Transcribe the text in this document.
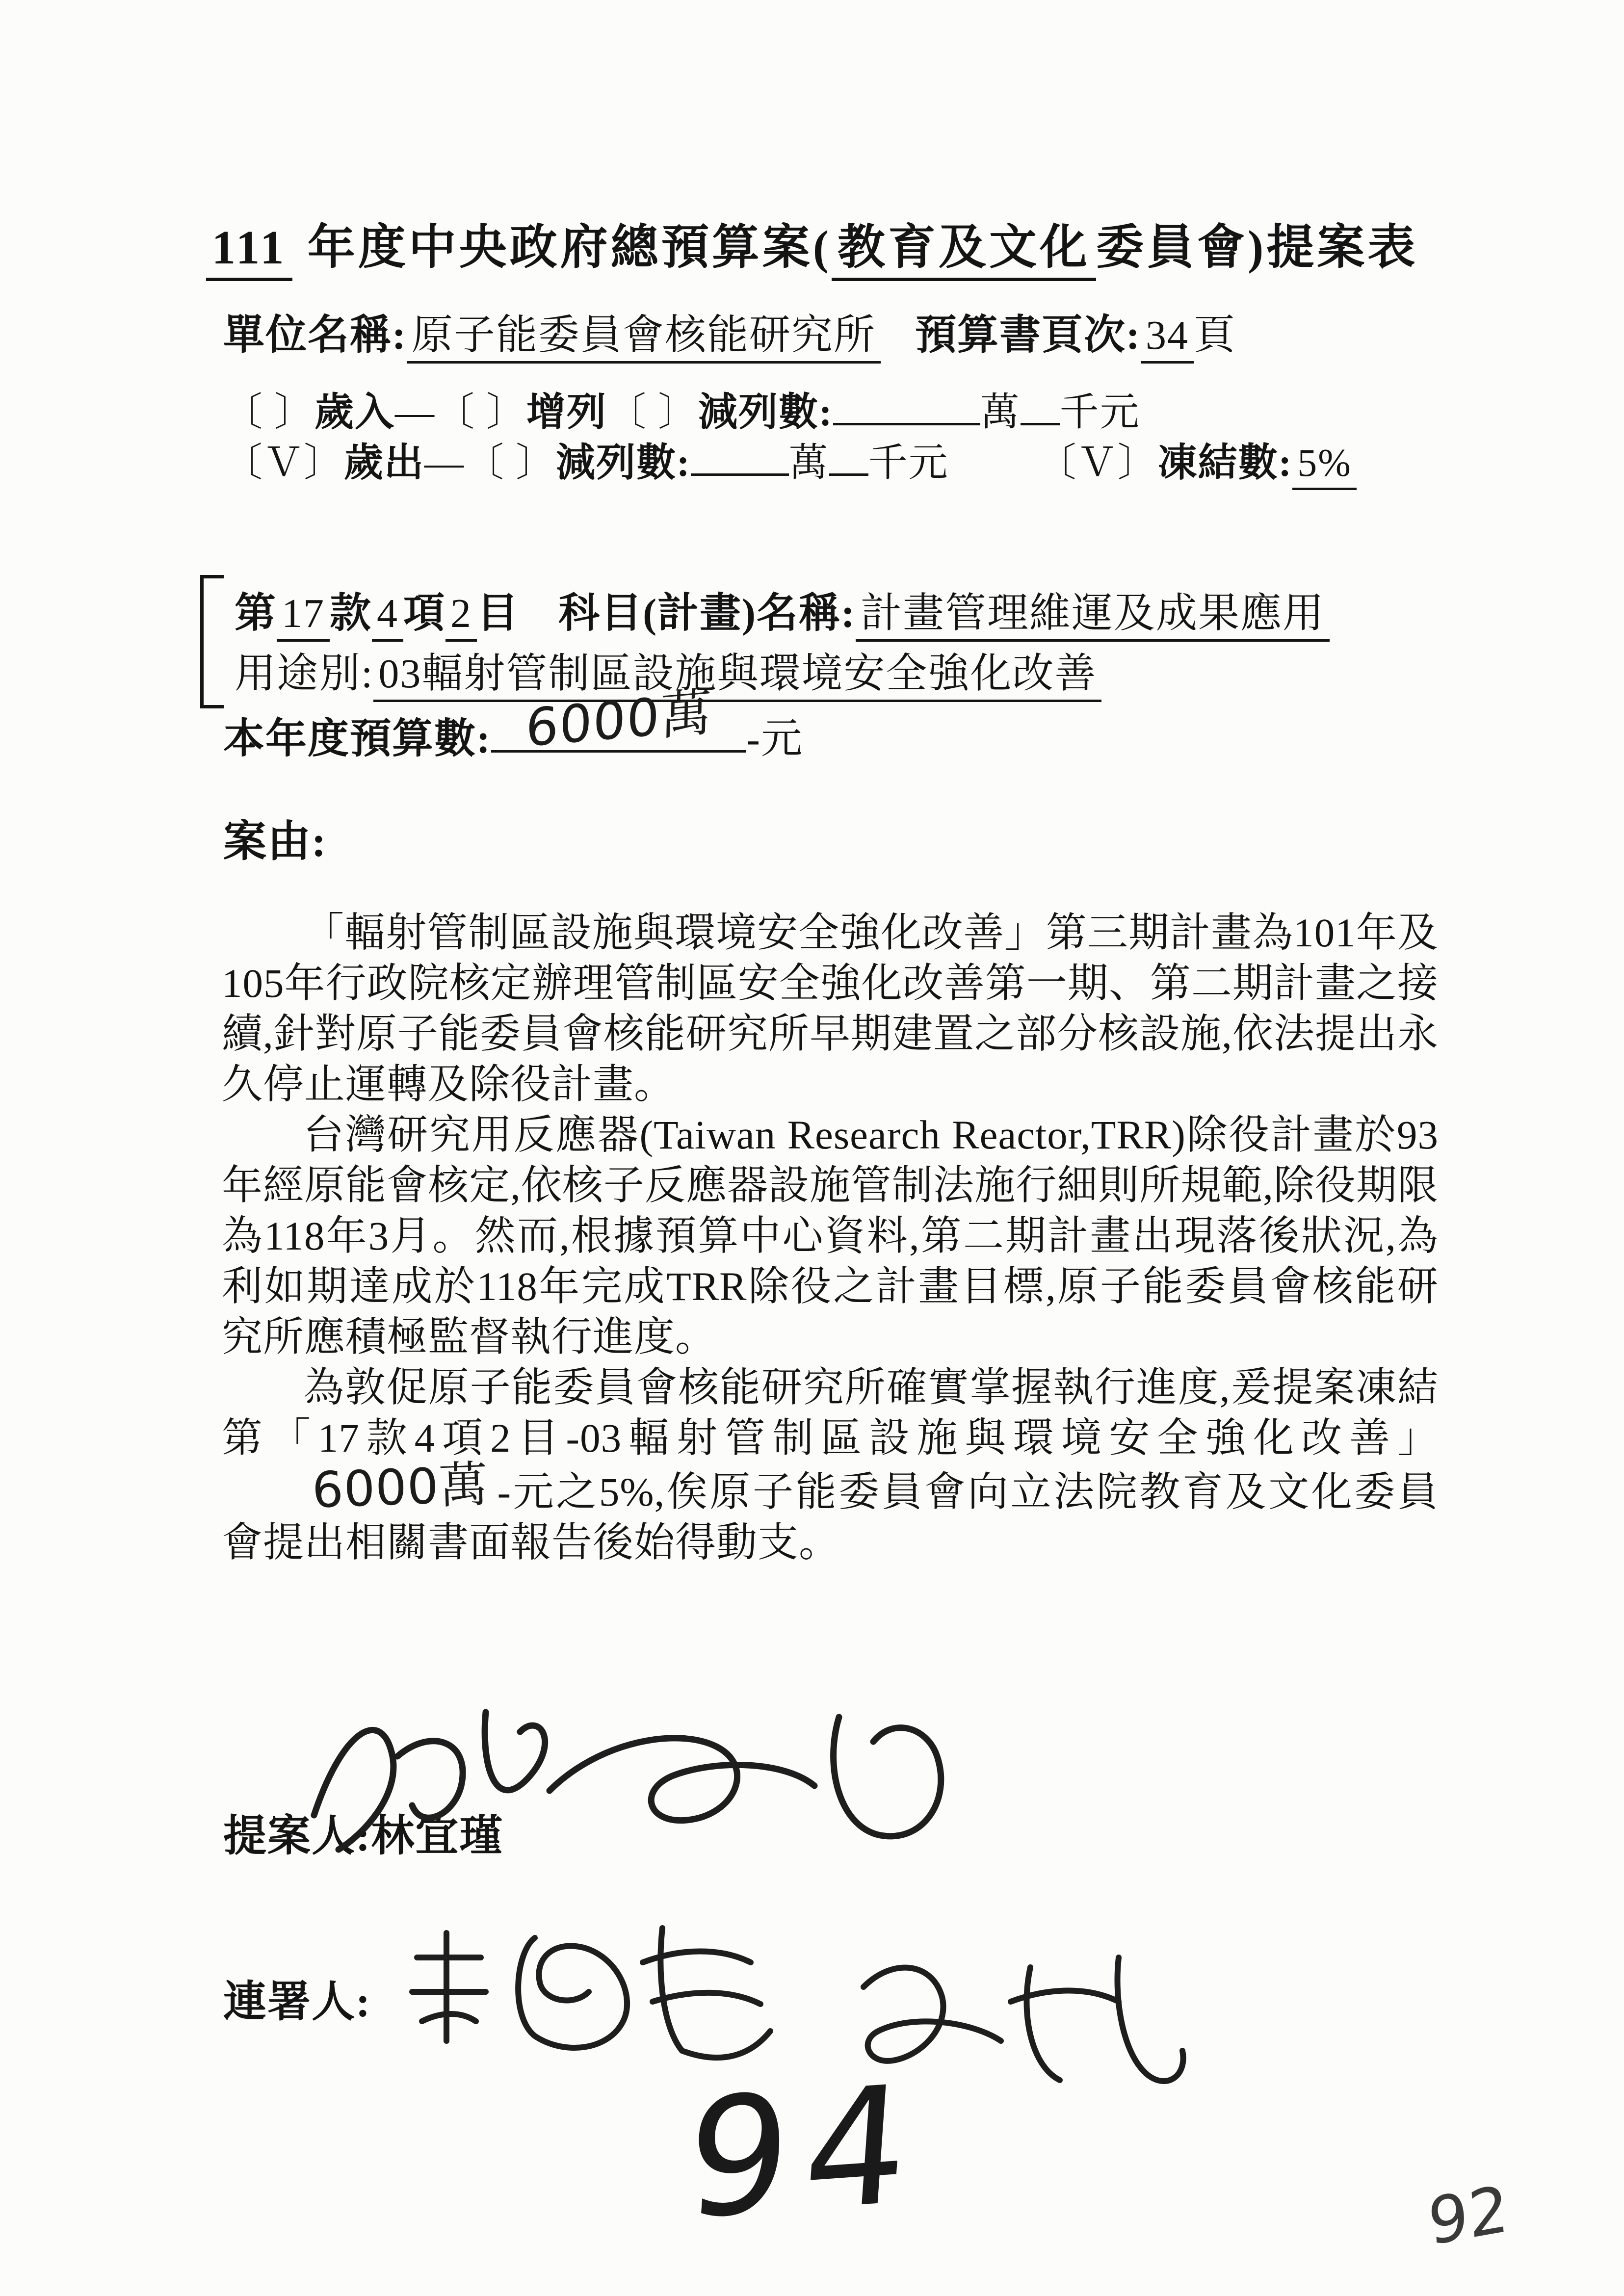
111 年度中央政府總預算案( 教育及文化 委員會)提案表
單位名稱: 原子能委員會核能研究所 預算書頁次: 34 頁
〔 〕歲入—〔 〕增列〔 〕減列數:	萬 千元
〔Ｖ〕歲出—〔 〕減列數:	萬 千元 〔Ｖ〕凍結數: 5%
第 17 款 4 項 2 目 科目(計畫)名稱: 計畫管理維運及成果應用
用途別: 03輻射管制區設施與環境安全強化改善
本年度預算數: 6000萬 -元
案由:

「輻射管制區設施與環境安全強化改善」第三期計畫為101年及105年行政院核定辦理管制區安全強化改善第一期、第二期計畫之接續,針對原子能委員會核能研究所早期建置之部分核設施,依法提出永久停止運轉及除役計畫。

台灣研究用反應器(Taiwan Research Reactor,TRR)除役計畫於93年經原能會核定,依核子反應器設施管制法施行細則所規範,除役期限為118年3月。然而,根據預算中心資料,第二期計畫出現落後狀況,為利如期達成於118年完成TRR除役之計畫目標,原子能委員會核能研究所應積極監督執行進度。

為敦促原子能委員會核能研究所確實掌握執行進度,爰提案凍結第「17款4項2目-03輻射管制區設施與環境安全強化改善」6000萬 -元之5%,俟原子能委員會向立法院教育及文化委員會提出相關書面報告後始得動支。

提案人:林宜瑾
連署人:
94	92
